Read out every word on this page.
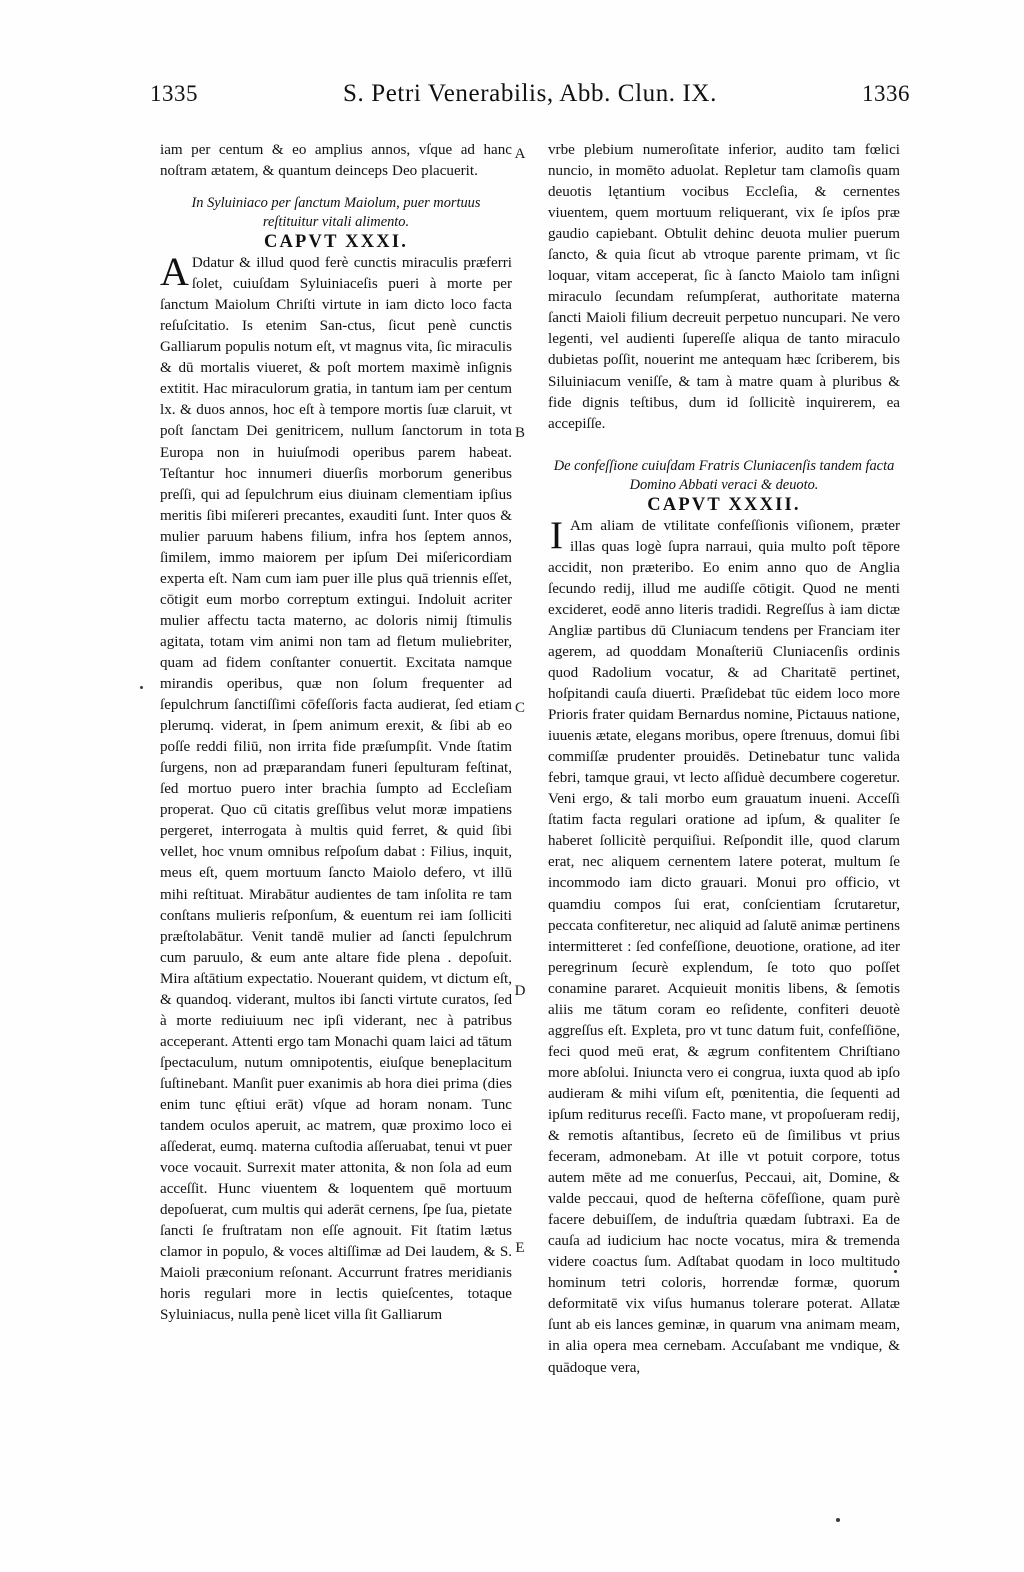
1335	S. Petri Venerabilis, Abb. Clun. IX.	1336

iam per centum & eo amplius annos, vſque ad hanc noſtram ætatem, & quantum deinceps Deo placuerit.

In Syluiniaco per ſanctum Maiolum, puer mortuus reſtituitur vitali alimento.

CAPVT XXXI.
A Ddatur & illud quod ferè cunctis miraculis præferri ſolet, cuiuſdam Syluiniaceſis pueri à morte per ſanctum Maiolum Chriſti virtute in iam dicto loco facta reſuſcitatio. Is etenim San-ctus, ſicut penè cunctis Galliarum populis notum eſt, vt magnus vita, ſic miraculis & dū mortalis viueret, & poſt mortem maximè inſignis extitit. Hac miraculorum gratia, in tantum iam per centum lx. & duos annos, hoc eſt à tempore mortis ſuæ claruit, vt poſt ſanctam Dei genitricem, nullum ſanctorum in tota Europa non in huiuſmodi operibus parem habeat. Teſtantur hoc innumeri diuerſis morborum generibus preſſi, qui ad ſepulchrum eius diuinam clementiam ipſius meritis ſibi miſereri precantes, exauditi ſunt. Inter quos & mulier paruum habens filium, infra hos ſeptem annos, ſimilem, immo maiorem per ipſum Dei miſericordiam experta eſt. Nam cum iam puer ille plus quā triennis eſſet, cōtigit eum morbo correptum extingui. Indoluit acriter mulier affectu tacta materno, ac doloris nimij ſtimulis agitata, totam vim animi non tam ad fletum muliebriter, quam ad fidem conſtanter conuertit. Excitata namque mirandis operibus, quæ non ſolum frequenter ad ſepulchrum ſanctiſſimi cōfeſſoris facta audierat, ſed etiam plerumq. viderat, in ſpem animum erexit, & ſibi ab eo poſſe reddi filiū, non irrita fide præſumpſit. Vnde ſtatim ſurgens, non ad præparandam funeri ſepulturam feſtinat, ſed mortuo puero inter brachia ſumpto ad Eccleſiam properat. Quo cū citatis greſſibus velut moræ impatiens pergeret, interrogata à multis quid ferret, & quid ſibi vellet, hoc vnum omnibus reſpoſum dabat : Filius, inquit, meus eſt, quem mortuum ſancto Maiolo defero, vt illū mihi reſtituat. Mirabātur audientes de tam inſolita re tam conſtans mulieris reſponſum, & euentum rei iam ſolliciti præſtolabātur. Venit tandē mulier ad ſancti ſepulchrum cum paruulo, & eum ante altare fide plena . depoſuit. Mira aſtātium expectatio. Nouerant quidem, vt dictum eſt, & quandoq. viderant, multos ibi ſancti virtute curatos, ſed à morte rediuiuum nec ipſi viderant, nec à patribus acceperant. Attenti ergo tam Monachi quam laici ad tātum ſpectaculum, nutum omnipotentis, eiuſque beneplacitum ſuſtinebant. Manſit puer exanimis ab hora diei prima (dies enim tunc ęſtiui erāt) vſque ad horam nonam. Tunc tandem oculos aperuit, ac matrem, quæ proximo loco ei aſſederat, eumq. materna cuſtodia aſſeruabat, tenui vt puer voce vocauit. Surrexit mater attonita, & non ſola ad eum acceſſit. Hunc viuentem & loquentem quē mortuum depoſuerat, cum multis qui aderāt cernens, ſpe ſua, pietate ſancti ſe fruſtratam non eſſe agnouit. Fit ſtatim lætus clamor in populo, & voces altiſſimæ ad Dei laudem, & S. Maioli præconium reſonant. Accurrunt fratres meridianis horis regulari more in lectis quieſcentes, totaque Syluiniacus, nulla penè licet villa ſit Galliarum

vrbe plebium numeroſitate inferior, audito tam fœlici nuncio, in momēto aduolat. Repletur tam clamoſis quam deuotis lętantium vocibus Eccleſia, & cernentes viuentem, quem mortuum reliquerant, vix ſe ipſos præ gaudio capiebant. Obtulit dehinc deuota mulier puerum ſancto, & quia ſicut ab vtroque parente primam, vt ſic loquar, vitam acceperat, ſic à ſancto Maiolo tam inſigni miraculo ſecundam reſumpſerat, authoritate materna ſancti Maioli filium decreuit perpetuo nuncupari. Ne vero legenti, vel audienti ſupereſſe aliqua de tanto miraculo dubietas poſſit, nouerint me antequam hæc ſcriberem, bis Siluiniacum veniſſe, & tam à matre quam à pluribus & fide dignis teſtibus, dum id ſollicitè inquirerem, ea accepiſſe.

De confeſſione cuiuſdam Fratris Cluniacenſis tandem facta Domino Abbati veraci & deuoto.

CAPVT XXXII.
I Am aliam de vtilitate confeſſionis viſionem, præter illas quas logè ſupra narraui, quia multo poſt tēpore accidit, non præteribo. Eo enim anno quo de Anglia ſecundo redij, illud me audiſſe cōtigit. Quod ne menti excideret, eodē anno literis tradidi. Regreſſus à iam dictæ Angliæ partibus dū Cluniacum tendens per Franciam iter agerem, ad quoddam Monaſteriū Cluniacenſis ordinis quod Radolium vocatur, & ad Charitatē pertinet, hoſpitandi cauſa diuerti. Præſidebat tūc eidem loco more Prioris frater quidam Bernardus nomine, Pictauus natione, iuuenis ætate, elegans moribus, opere ſtrenuus, domui ſibi commiſſæ prudenter prouidēs. Detinebatur tunc valida febri, tamque graui, vt lecto aſſiduè decumbere cogeretur. Veni ergo, & tali morbo eum grauatum inueni. Acceſſi ſtatim facta regulari oratione ad ipſum, & qualiter ſe haberet ſollicitè perquiſiui. Reſpondit ille, quod clarum erat, nec aliquem cernentem latere poterat, multum ſe incommodo iam dicto grauari. Monui pro officio, vt quamdiu compos ſui erat, conſcientiam ſcrutaretur, peccata confiteretur, nec aliquid ad ſalutē animæ pertinens intermitteret : ſed confeſſione, deuotione, oratione, ad iter peregrinum ſecurè explendum, ſe toto quo poſſet conamine pararet. Acquieuit monitis libens, & ſemotis aliis me tātum coram eo reſidente, confiteri deuotè aggreſſus eſt. Expleta, pro vt tunc datum fuit, confeſſiōne, feci quod meū erat, & ægrum confitentem Chriſtiano more abſolui. Iniuncta vero ei congrua, iuxta quod ab ipſo audieram & mihi viſum eſt, pœnitentia, die ſequenti ad ipſum rediturus receſſi. Facto mane, vt propoſueram redij, & remotis aſtantibus, ſecreto eū de ſimilibus vt prius feceram, admonebam. At ille vt potuit corpore, totus autem mēte ad me conuerſus, Peccaui, ait, Domine, & valde peccaui, quod de heſterna cōfeſſione, quam purè facere debuiſſem, de induſtria quædam ſubtraxi. Ea de cauſa ad iudicium hac nocte vocatus, mira & tremenda videre coactus ſum. Adſtabat quodam in loco multitudo hominum tetri coloris, horrendæ formæ, quorum deformitatē vix viſus humanus tolerare poterat. Allatæ ſunt ab eis lances geminæ, in quarum vna animam meam, in alia opera mea cernebam. Accuſabant me vndique, & quādoque vera,
A
B
C
D
E
